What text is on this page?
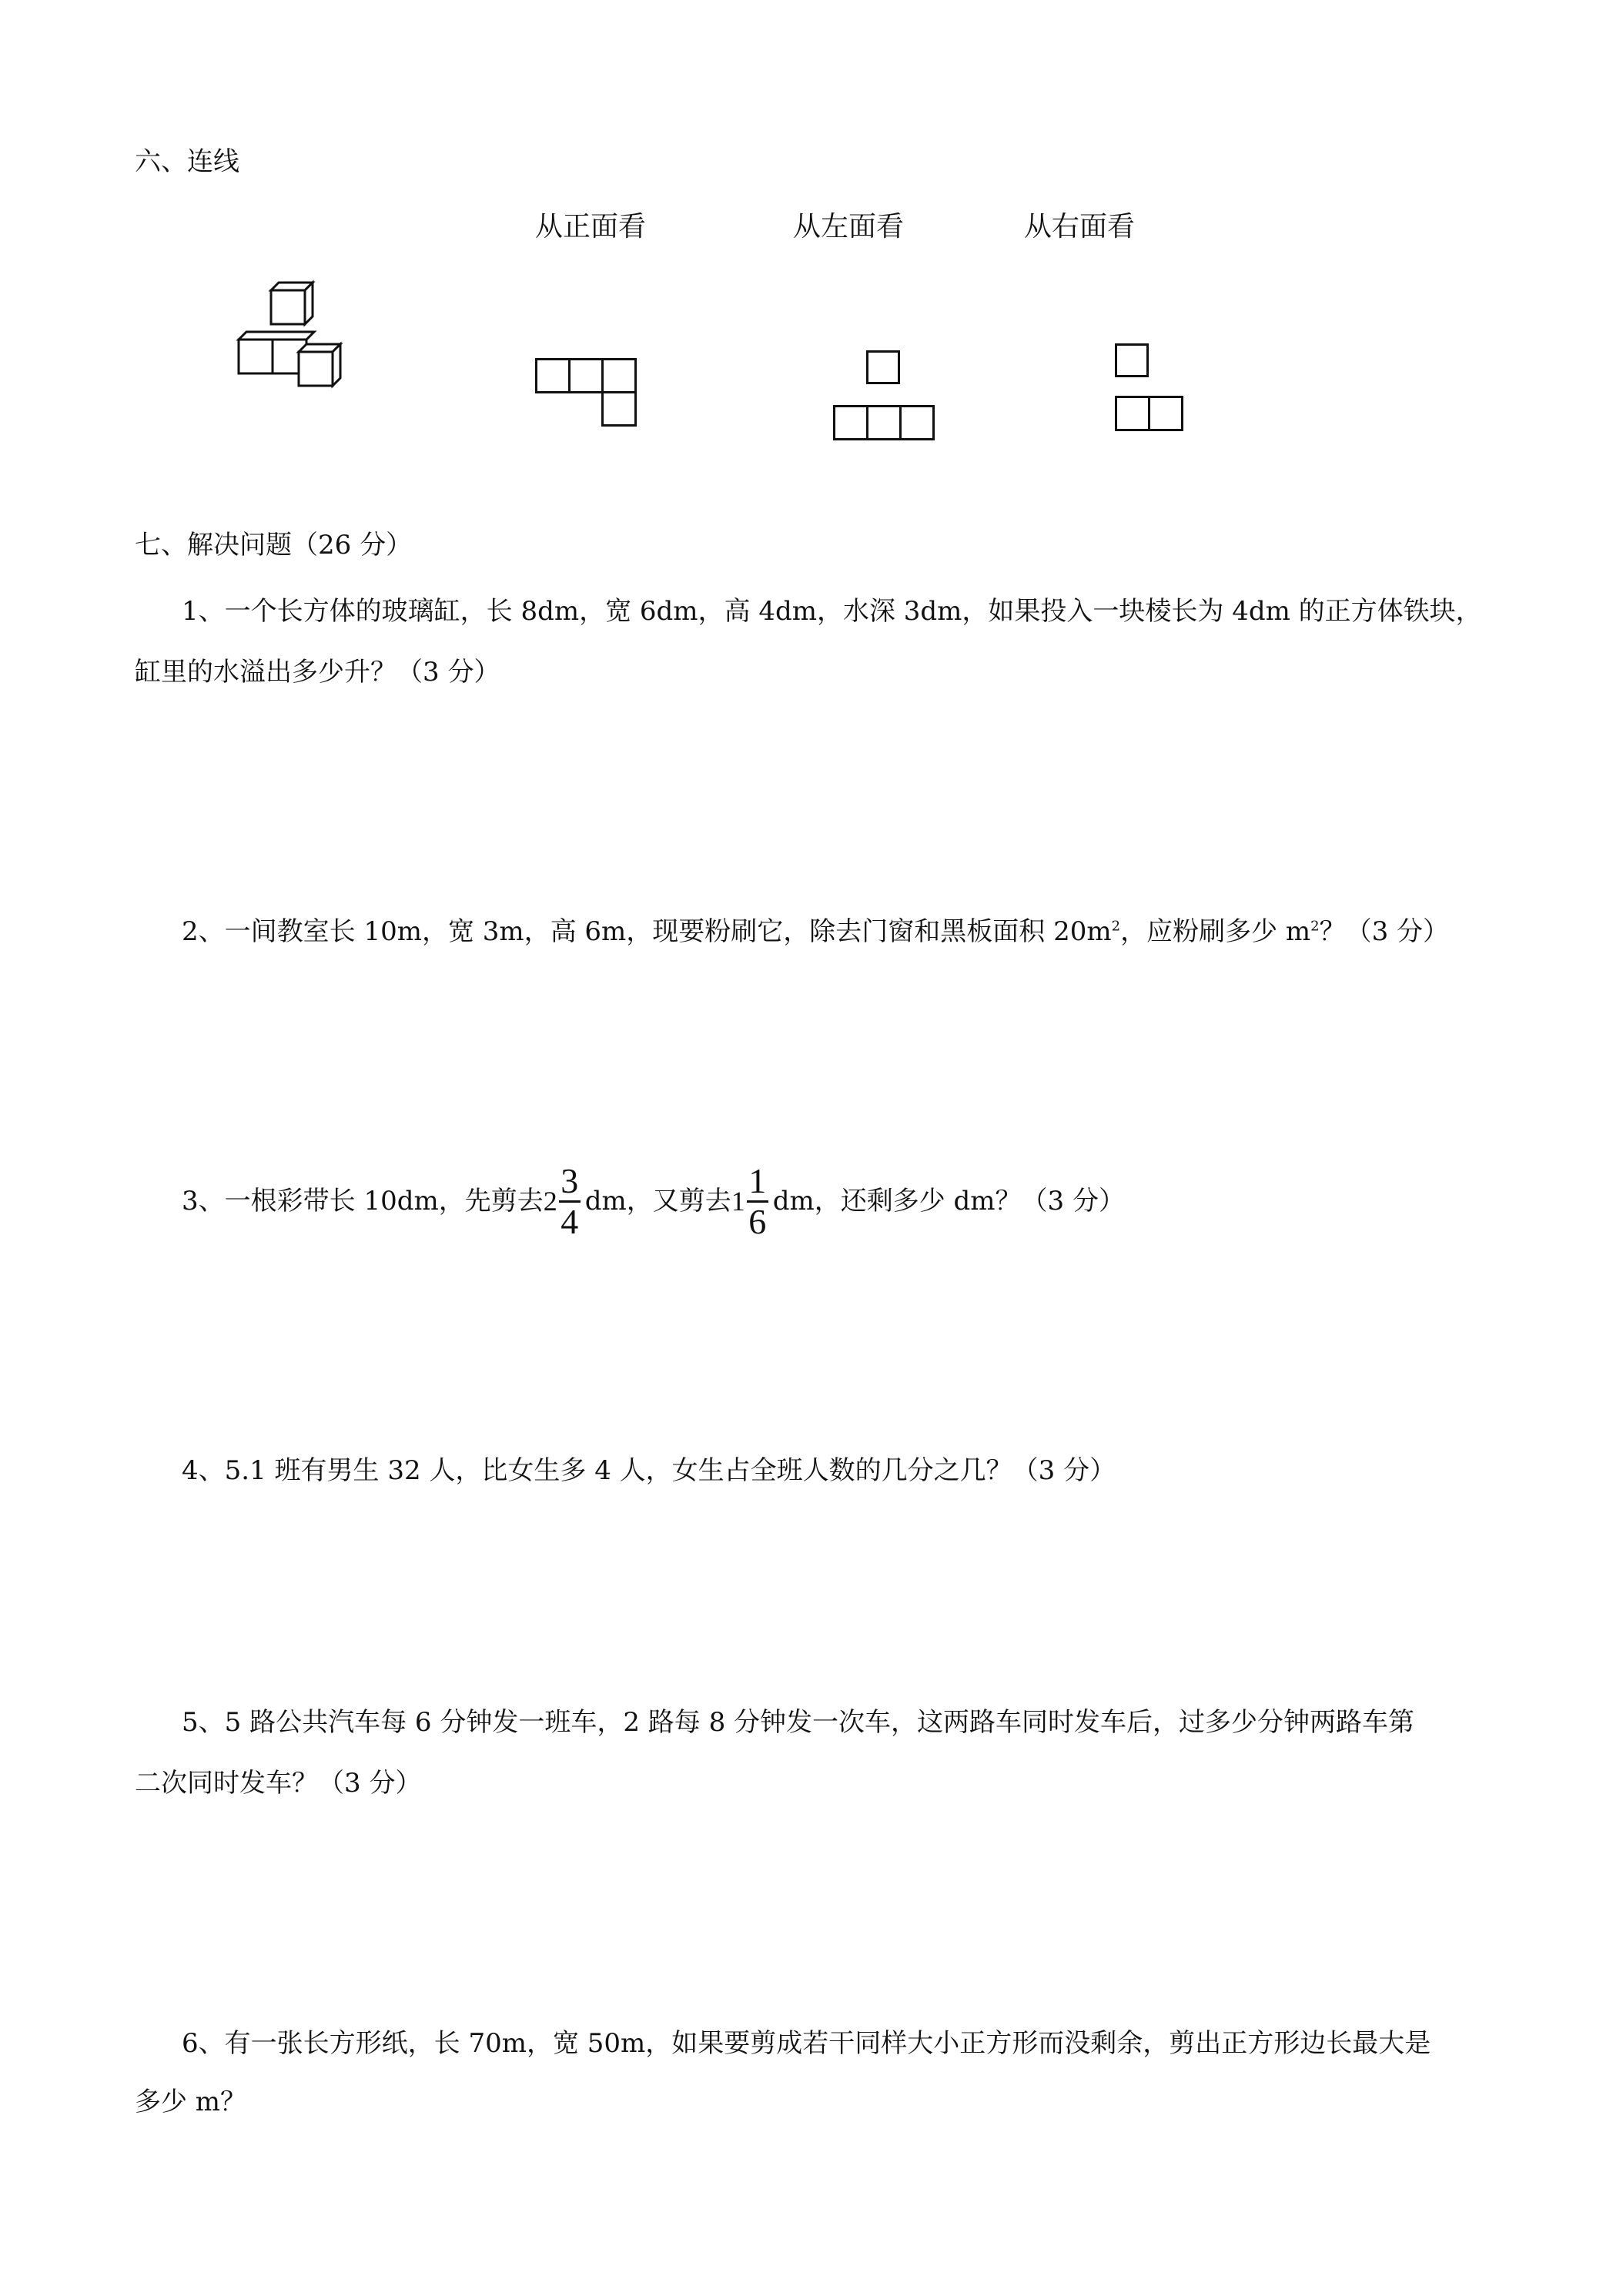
六、连线
从正面看	从左面看	从右面看
七、解决问题（26 分）
1、一个长方体的玻璃缸，长 8dm，宽 6dm，高 4dm，水深 3dm，如果投入一块棱长为 4dm 的正方体铁块，
缸里的水溢出多少升？（3 分）
2、一间教室长 10m，宽 3m，高 6m，现要粉刷它，除去门窗和黑板面积 $20m^2$，应粉刷多少 $m^2$？（3 分）
3、一根彩带长 10dm，先剪去 $2 \frac{3}{4}$ dm，又剪去 $1 \frac{1}{6}$ dm，还剩多少 dm？（3 分）
4、5.1 班有男生 32 人，比女生多 4 人，女生占全班人数的几分之几？（3 分）
5、5 路公共汽车每 6 分钟发一班车，2 路每 8 分钟发一次车，这两路车同时发车后，过多少分钟两路车第
二次同时发车？（3 分）
6、有一张长方形纸，长 70m，宽 50m，如果要剪成若干同样大小正方形而没剩余，剪出正方形边长最大是
多少 m？
